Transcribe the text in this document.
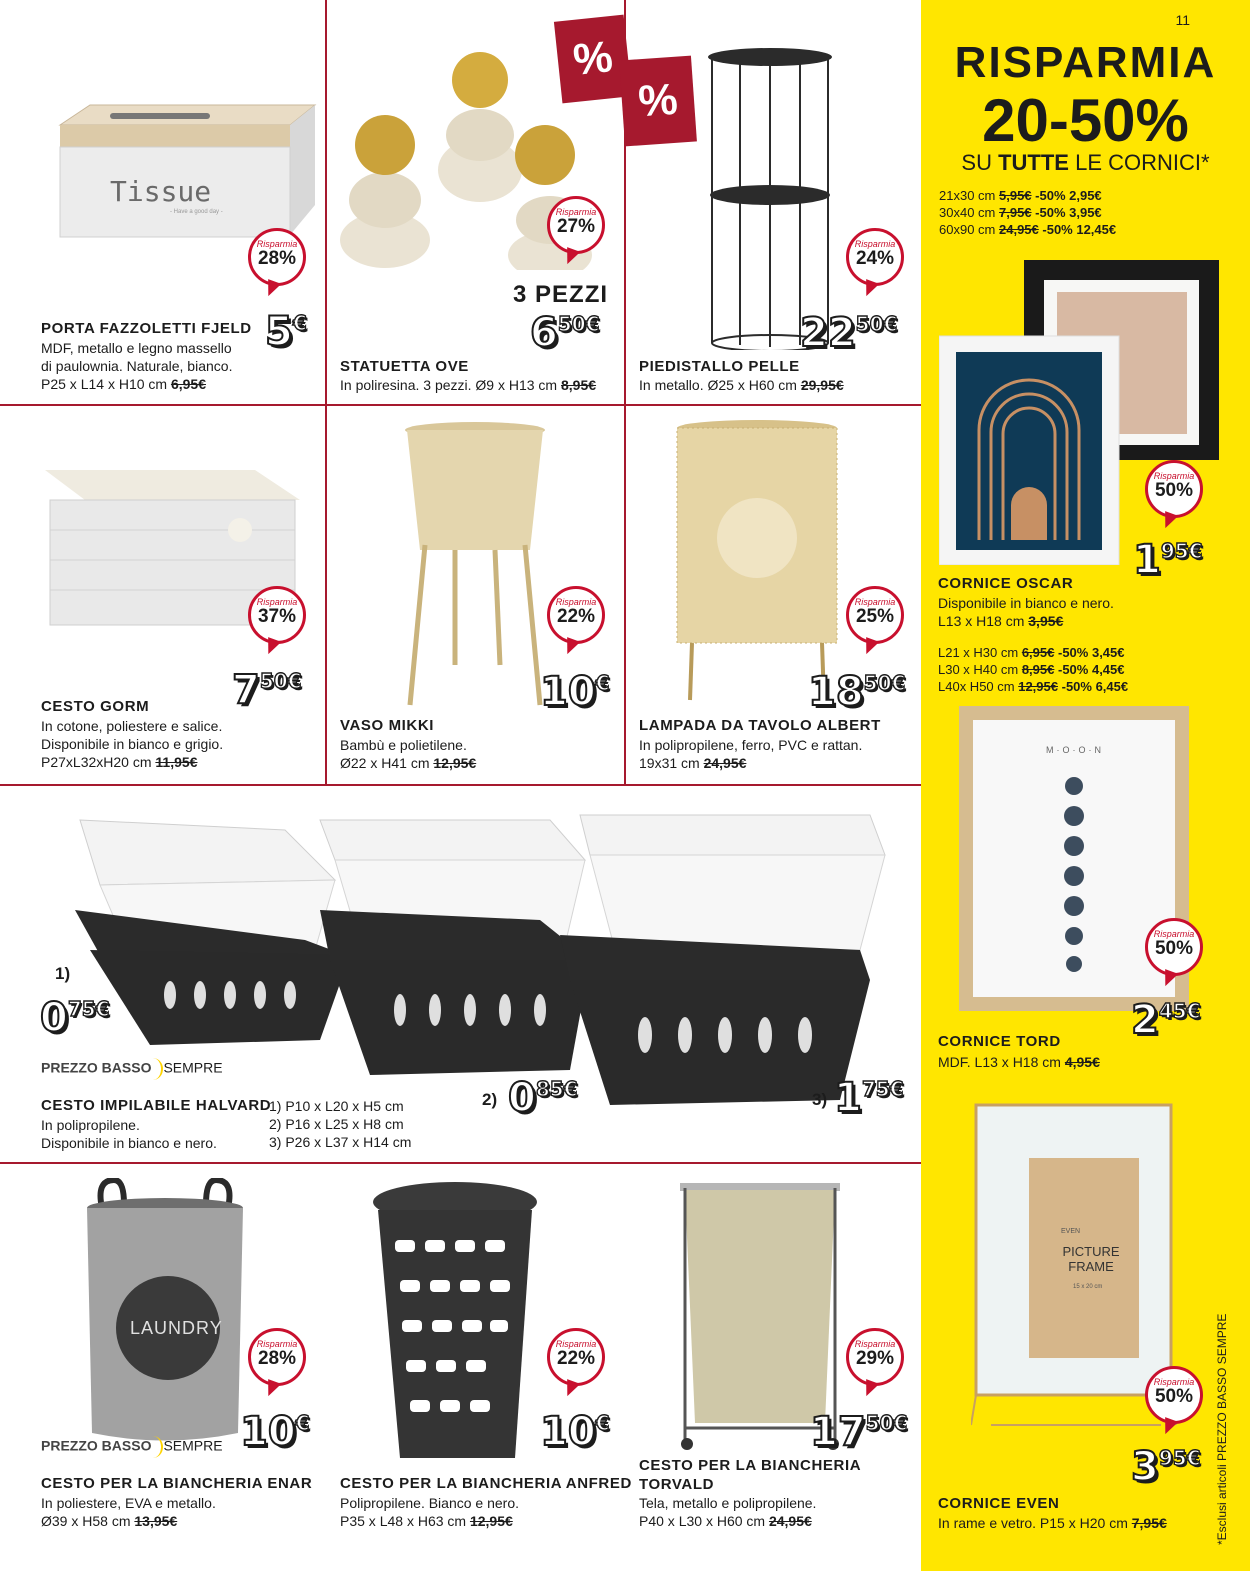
Tissue
- Have a good day -
Risparmia
28%
5€
PORTA FAZZOLETTI FJELD
MDF, metallo e legno massello
di paulownia. Naturale, bianco.
P25 x L14 x H10 cm 6,95€
Risparmia
27%
3 PEZZI
650€
STATUETTA OVE
In poliresina. 3 pezzi. Ø9 x H13 cm 8,95€
%
%
Risparmia
24%
2250€
PIEDISTALLO PELLE
In metallo. Ø25 x H60 cm 29,95€
Risparmia
37%
750€
CESTO GORM
In cotone, poliestere e salice.
Disponibile in bianco e grigio.
P27xL32xH20 cm 11,95€
Risparmia
22%
10€
VASO MIKKI
Bambù e polietilene.
Ø22 x H41 cm 12,95€
Risparmia
25%
1850€
LAMPADA DA TAVOLO ALBERT
In polipropilene, ferro, PVC e rattan.
19x31 cm 24,95€
1)
075€
PREZZO BASSO SEMPRE
2) 085€	3) 175€
CESTO IMPILABILE HALVARD
In polipropilene.
Disponibile in bianco e nero.
1) P10 x L20 x H5 cm
2) P16 x L25 x H8 cm
3) P26 x L37 x H14 cm
LAUNDRY
Risparmia
28%
10€
PREZZO BASSO SEMPRE
CESTO PER LA BIANCHERIA ENAR
In poliestere, EVA e metallo.
Ø39 x H58 cm 13,95€
Risparmia
22%
10€
CESTO PER LA BIANCHERIA ANFRED
Polipropilene. Bianco e nero.
P35 x L48 x H63 cm 12,95€
Risparmia
29%
1750€
CESTO PER LA BIANCHERIA
TORVALD
Tela, metallo e polipropilene.
P40 x L30 x H60 cm 24,95€
11
RISPARMIA
20-50%
SU TUTTE LE CORNICI*
21x30 cm 5,95€ -50% 2,95€
30x40 cm 7,95€ -50% 3,95€
60x90 cm 24,95€ -50% 12,45€
Risparmia
50%
195€
CORNICE OSCAR
Disponibile in bianco e nero.
L13 x H18 cm 3,95€
L21 x H30 cm 6,95€ -50% 3,45€
L30 x H40 cm 8,95€ -50% 4,45€
L40x H50 cm 12,95€ -50% 6,45€
M·O·O·N
Risparmia
50%
245€
CORNICE TORD
MDF. L13 x H18 cm 4,95€
EVEN
PICTURE FRAME
15 x 20 cm
Risparmia
50%
395€
CORNICE EVEN
In rame e vetro. P15 x H20 cm 7,95€	*Esclusi articoli PREZZO BASSO SEMPRE
